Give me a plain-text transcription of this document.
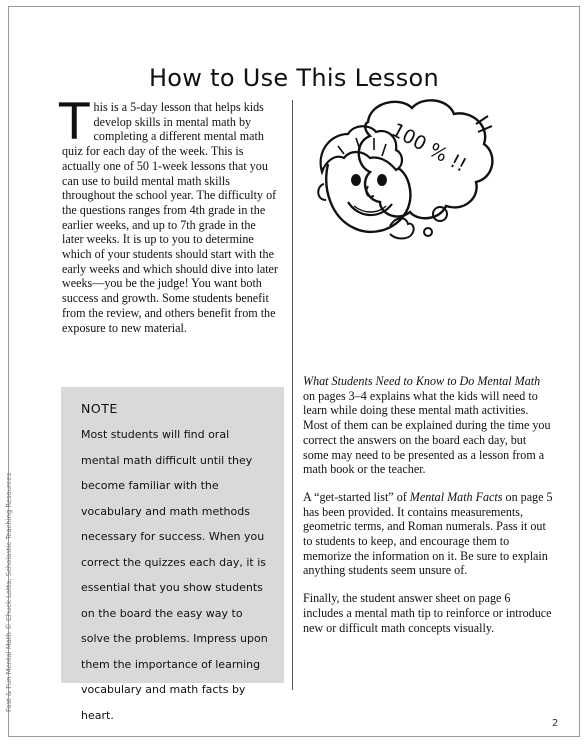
How to Use This Lesson
This is a 5-day lesson that helps kids develop skills in mental math by completing a different mental math quiz for each day of the week. This is actually one of 50 1-week lessons that you can use to build mental math skills throughout the school year. The difficulty of the questions ranges from 4th grade in the earlier weeks, and up to 7th grade in the later weeks. It is up to you to determine which of your students should start with the early weeks and which should dive into later weeks—you be the judge! You want both success and growth. Some students benefit from the review, and others benefit from the exposure to new material.
100 % !!

NOTE

Most students will find oral mental math difficult until they become familiar with the vocabulary and math methods necessary for success. When you correct the quizzes each day, it is essential that you show students on the board the easy way to solve the problems. Impress upon them the importance of learning vocabulary and math facts by heart.

What Students Need to Know to Do Mental Math on pages 3–4 explains what the kids will need to learn while doing these mental math activities. Most of them can be explained during the time you correct the answers on the board each day, but some may need to be presented as a lesson from a math book or the teacher.

A “get-started list” of Mental Math Facts on page 5 has been provided. It contains measurements, geometric terms, and Roman numerals. Pass it out to students to keep, and encourage them to memorize the information on it. Be sure to explain anything students seem unsure of.

Finally, the student answer sheet on page 6 includes a mental math tip to reinforce or introduce new or difficult math concepts visually.

Fast & Fun Mental Math © Chuck Lotta, Scholastic Teaching Resources
2
